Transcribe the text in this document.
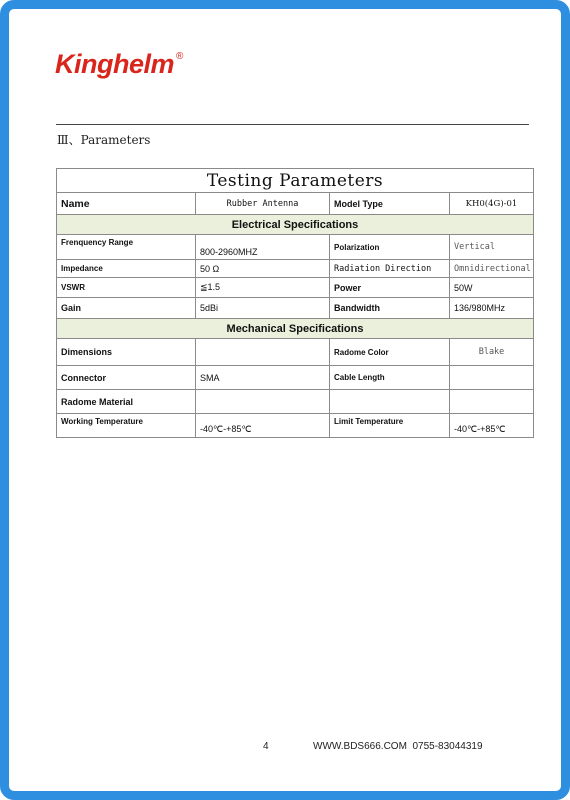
Kinghelm ®
Ⅲ、Parameters
Testing Parameters			
Name	Rubber Antenna	Model Type	KH0(4G)-01
Electrical Specifications			
Frenquency Range	800-2960MHZ	Polarization	Vertical
Impedance	50 Ω	Radiation Direction	Omnidirectional
VSWR	≦1.5	Power	50W
Gain	5dBi	Bandwidth	136/980MHz
Mechanical Specifications			
Dimensions		Radome Color	Blake
Connector	SMA	Cable Length	
Radome Material			
Working Temperature	-40℃-+85℃	Limit Temperature	-40℃-+85℃
4	WWW.BDS666.COM  0755-83044319
